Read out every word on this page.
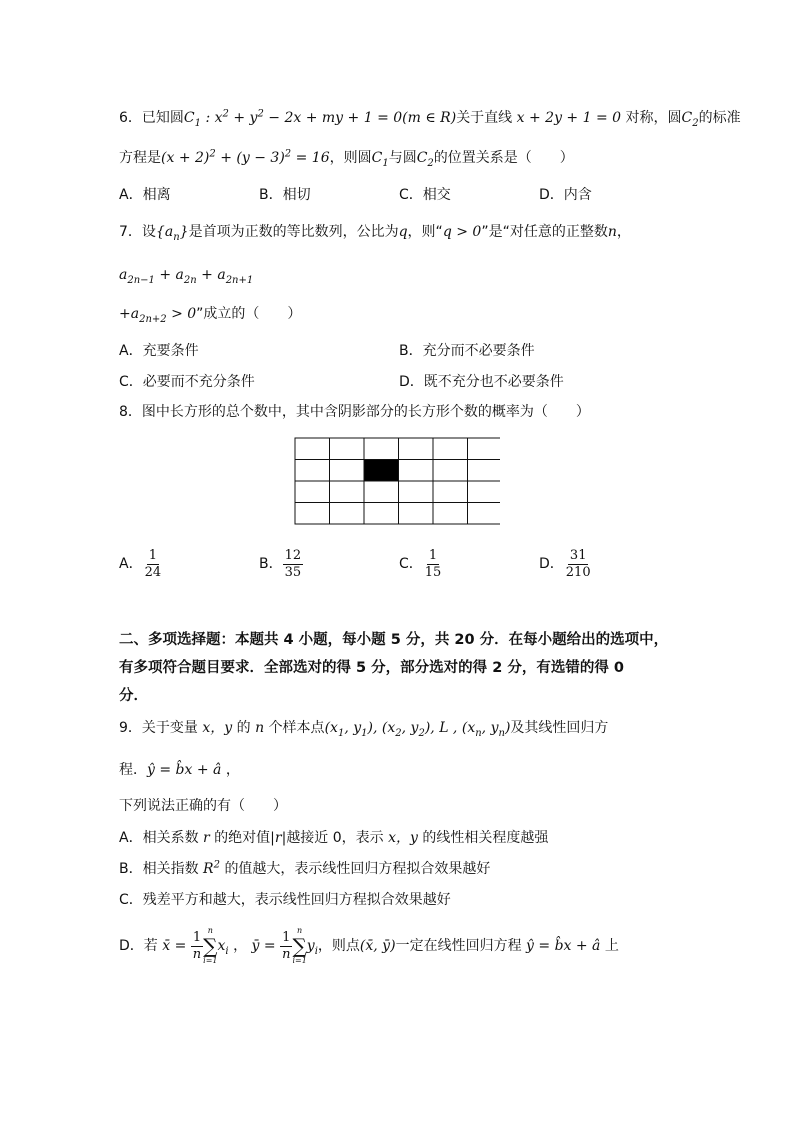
6．已知圆$C_1$ : $x^2 + y^2 - 2x$ + my + 1 = 0(m ∈ R)关于直线 x + 2y + 1 = 0 对称，圆$C_2$的标准
方程是$(x + 2)^2 + (y - 3)^2 = 16$，则圆$C_1$与圆$C_2$的位置关系是（　　）
A．相离	B．相切	C．相交	D．内含
7．设$\{a_n\}$是首项为正数的等比数列，公比为q，则“q > 0”是“对任意的正整数n，
$a_{2n-1} + a_{2n} + a_{2n+1}$
$+a_{2n+2} > 0$”成立的（　　）
A．充要条件	B．充分而不必要条件
C．必要而不充分条件	D．既不充分也不必要条件
8．图中长方形的总个数中，其中含阴影部分的长方形个数的概率为（　　）
A． $\frac{1}{24}$	B． $\frac{12}{35}$	C． $\frac{1}{15}$	D． $\frac{31}{210}$
二、多项选择题：本题共 4 小题，每小题 5 分，共 20 分．在每小题给出的选项中，
有多项符合题目要求．全部选对的得 5 分，部分选对的得 2 分，有选错的得 0
分．
9．关于变量 x，y 的 n 个样本点($x_1$, $y_1$), ($x_2$, $y_2$), L , ($x_n$, $y_n$)及其线性回归方
程．ŷ = b̂x + â ，
下列说法正确的有（　　）
A．相关系数 r 的绝对值|r|越接近 0，表示 x，y 的线性相关程度越强
B．相关指数 $R^2$ 的值越大，表示线性回归方程拟合效果越好
C．残差平方和越大，表示线性回归方程拟合效果越好
D．若 x̄ = $\frac{1}{n}$ n
∑
i=1
$x_i$ ， ȳ = $\frac{1}{n}$ n
∑
i=1
$y_i$，则点(x̄, ȳ)一定在线性回归方程 ŷ = b̂x + â 上
